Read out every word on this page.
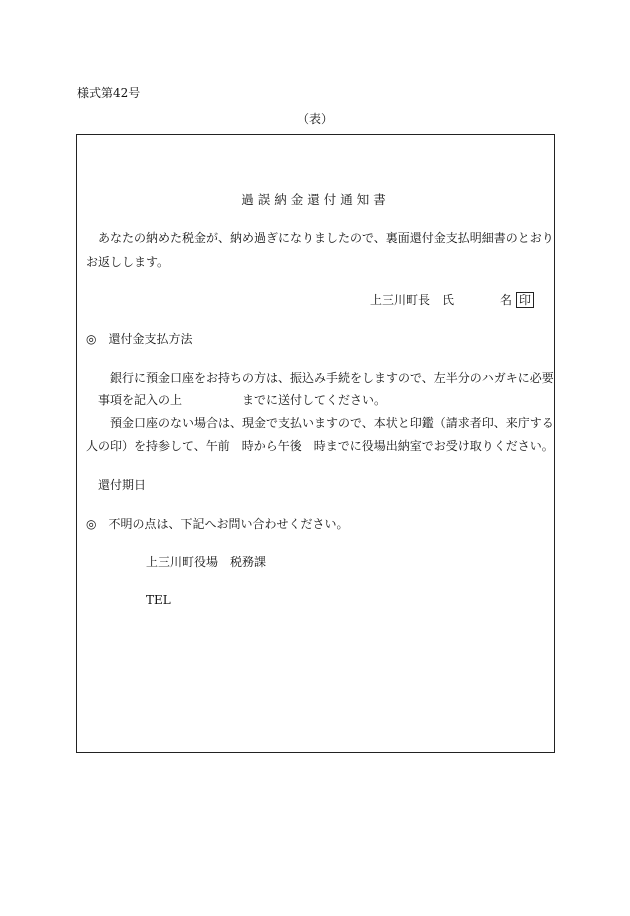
様式第42号
（表）
過誤納金還付通知書
あなたの納めた税金が、納め過ぎになりましたので、裏面還付金支払明細書のとおり
お返しします。
上三川町長　氏	名 印
◎　還付金支払方法
銀行に預金口座をお持ちの方は、振込み手続をしますので、左半分のハガキに必要
事項を記入の上	までに送付してください。
預金口座のない場合は、現金で支払いますので、本状と印鑑（請求者印、来庁する
人の印）を持参して、午前　時から午後　時までに役場出納室でお受け取りください。
還付期日
◎　不明の点は、下記へお問い合わせください。
上三川町役場　税務課
TEL
